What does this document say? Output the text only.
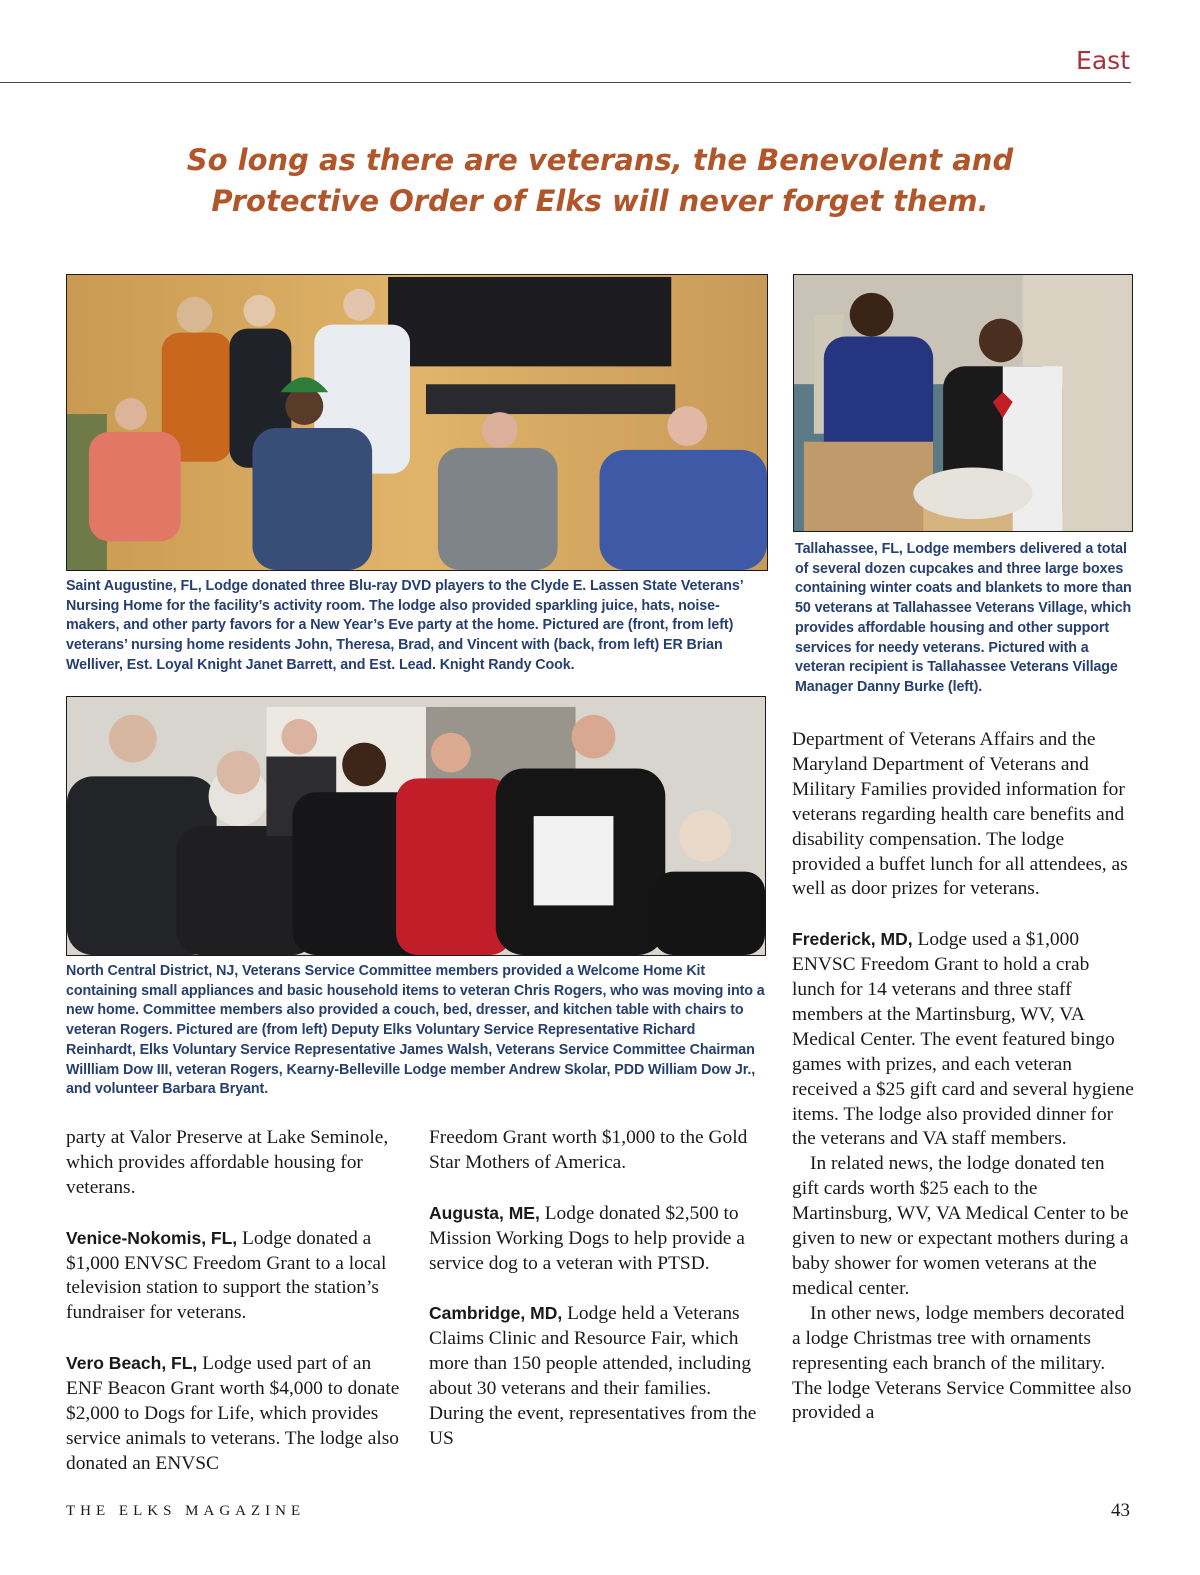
East
So long as there are veterans, the Benevolent and
Protective Order of Elks will never forget them.
Saint Augustine, FL, Lodge donated three Blu-ray DVD players to the Clyde E. Lassen State Veterans’ Nursing Home for the facility’s activity room. The lodge also provided sparkling juice, hats, noise-makers, and other party favors for a New Year’s Eve party at the home. Pictured are (front, from left) veterans’ nursing home residents John, Theresa, Brad, and Vincent with (back, from left) ER Brian Welliver, Est. Loyal Knight Janet Barrett, and Est. Lead. Knight Randy Cook.
Tallahassee, FL, Lodge members delivered a total of several dozen cupcakes and three large boxes containing winter coats and blankets to more than 50 veterans at Tallahassee Veterans Village, which provides affordable housing and other support services for needy veterans. Pictured with a veteran recipient is Tallahassee Veterans Village Manager Danny Burke (left).
North Central District, NJ, Veterans Service Committee members provided a Welcome Home Kit containing small appliances and basic household items to veteran Chris Rogers, who was moving into a new home. Committee members also provided a couch, bed, dresser, and kitchen table with chairs to veteran Rogers. Pictured are (from left) Deputy Elks Voluntary Service Representative Richard Reinhardt, Elks Voluntary Service Representative James Walsh, Veterans Service Committee Chairman Willliam Dow III, veteran Rogers, Kearny-Belleville Lodge member Andrew Skolar, PDD William Dow Jr., and volunteer Barbara Bryant.

party at Valor Preserve at Lake Seminole, which provides affordable housing for veterans.

Venice-Nokomis, FL, Lodge donated a $1,000 ENVSC Freedom Grant to a local television station to support the station’s fundraiser for veterans.

Vero Beach, FL, Lodge used part of an ENF Beacon Grant worth $4,000 to donate $2,000 to Dogs for Life, which provides service animals to veterans. The lodge also donated an ENVSC

Freedom Grant worth $1,000 to the Gold Star Mothers of America.

Augusta, ME, Lodge donated $2,500 to Mission Working Dogs to help provide a service dog to a veteran with PTSD.

Cambridge, MD, Lodge held a Veterans Claims Clinic and Resource Fair, which more than 150 people attended, including about 30 veterans and their families. During the event, representatives from the US

Department of Veterans Affairs and the Maryland Department of Veterans and Military Families provided information for veterans regarding health care benefits and disability compensation. The lodge provided a buffet lunch for all attendees, as well as door prizes for veterans.

Frederick, MD, Lodge used a $1,000 ENVSC Freedom Grant to hold a crab lunch for 14 veterans and three staff members at the Martinsburg, WV, VA Medical Center. The event featured bingo games with prizes, and each veteran received a $25 gift card and several hygiene items. The lodge also provided dinner for the veterans and VA staff members.

In related news, the lodge donated ten gift cards worth $25 each to the Martinsburg, WV, VA Medical Center to be given to new or expectant mothers during a baby shower for women veterans at the medical center.

In other news, lodge members decorated a lodge Christmas tree with ornaments representing each branch of the military. The lodge Veterans Service Committee also provided a

THE ELKS MAGAZINE	43
